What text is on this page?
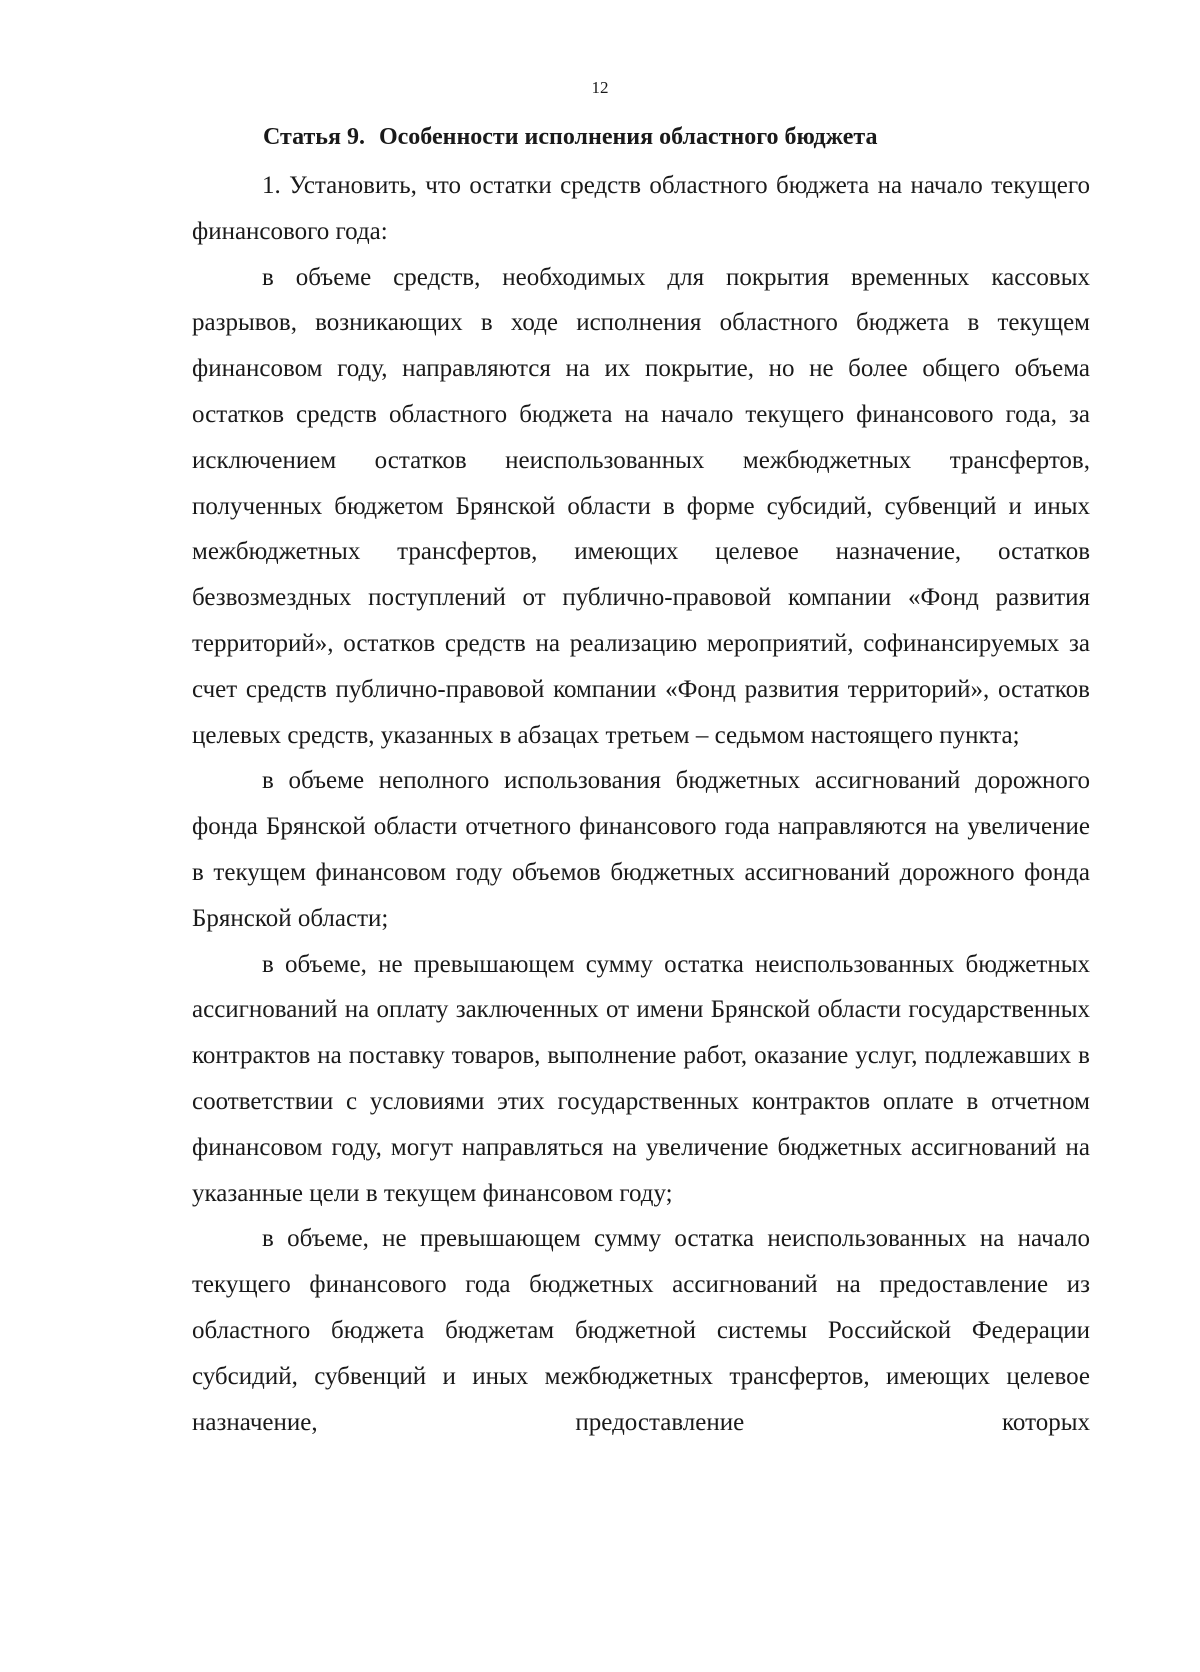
12
Статья 9. Особенности исполнения областного бюджета

1. Установить, что остатки средств областного бюджета на начало текущего финансового года:

в объеме средств, необходимых для покрытия временных кассовых разрывов, возникающих в ходе исполнения областного бюджета в текущем финансовом году, направляются на их покрытие, но не более общего объема остатков средств областного бюджета на начало текущего финансового года, за исключением остатков неиспользованных межбюджетных трансфертов, полученных бюджетом Брянской области в форме субсидий, субвенций и иных межбюджетных трансфертов, имеющих целевое назначение, остатков безвозмездных поступлений от публично-правовой компании «Фонд развития территорий», остатков средств на реализацию мероприятий, софинансируемых за счет средств публично-правовой компании «Фонд развития территорий», остатков целевых средств, указанных в абзацах третьем – седьмом настоящего пункта;

в объеме неполного использования бюджетных ассигнований дорожного фонда Брянской области отчетного финансового года направляются на увеличение в текущем финансовом году объемов бюджетных ассигнований дорожного фонда Брянской области;

в объеме, не превышающем сумму остатка неиспользованных бюджетных ассигнований на оплату заключенных от имени Брянской области государственных контрактов на поставку товаров, выполнение работ, оказание услуг, подлежавших в соответствии с условиями этих государственных контрактов оплате в отчетном финансовом году, могут направляться на увеличение бюджетных ассигнований на указанные цели в текущем финансовом году;

в объеме, не превышающем сумму остатка неиспользованных на начало текущего финансового года бюджетных ассигнований на предоставление из областного бюджета бюджетам бюджетной системы Российской Федерации субсидий, субвенций и иных межбюджетных трансфертов, имеющих целевое назначение, предоставление которых
